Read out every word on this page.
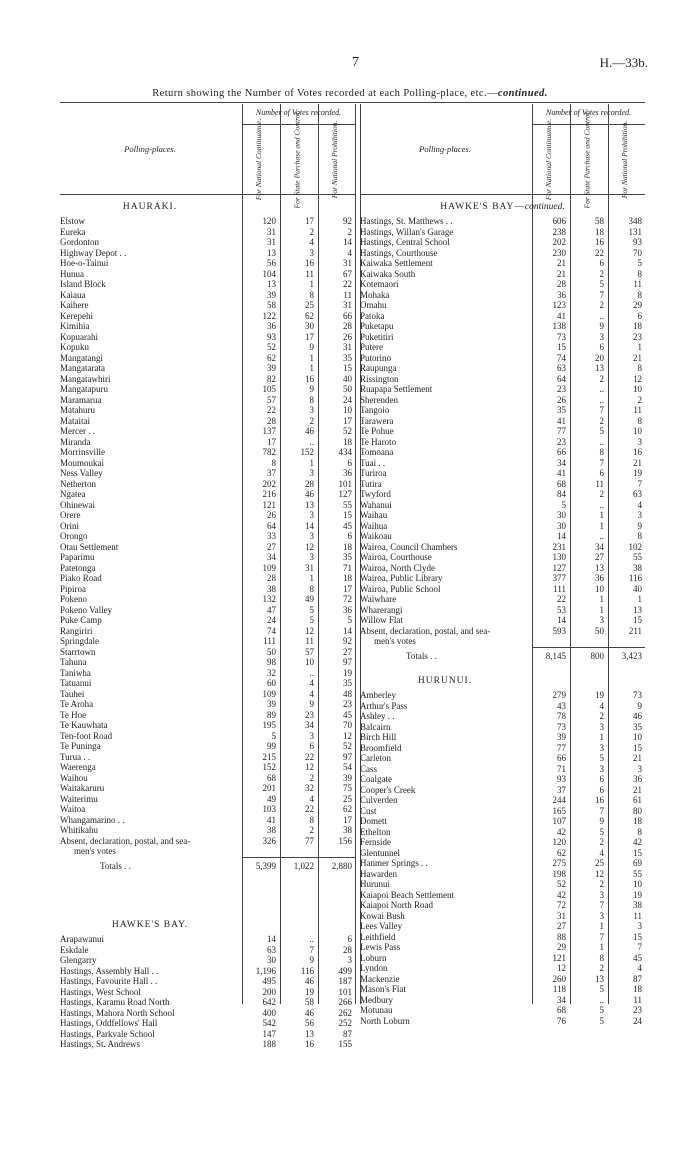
7	H.—33b.
Return showing the Number of Votes recorded at each Polling-place, etc.—continued.
Polling-places.
Number of Votes recorded.
For National Continuance.	For State Purchase and Control.	For National Prohibition.
HAURAKI.
Elstow	120	17	92
Eureka	31	2	2
Gordonton	31	4	14
Highway Depot . .	13	3	4
Hoe-o-Tainui	56	16	31
Hunua	104	11	67
Island Block	13	1	22
Kaiaua	39	8	11
Kaihere	58	25	31
Kerepehi	122	62	66
Kimihia	36	30	28
Kopuarahi	93	17	26
Kopuku	52	9	31
Mangatangi	62	1	35
Mangatarata	39	1	15
Mangatawhiri	82	16	40
Mangatapuru	105	9	50
Maramarua	57	8	24
Matahuru	22	3	10
Mataitai	28	2	17
Mercer . .	137	46	52
Miranda	17	..	18
Morrinsville	782	152	434
Moumoukai	8	1	6
Ness Valley	37	3	36
Netherton	202	28	101
Ngatea	216	46	127
Ohinewai	121	13	55
Orere	26	3	15
Orini	64	14	45
Orongo	33	3	6
Otau Settlement	27	12	18
Paparimu	34	3	35
Patetonga	109	31	71
Piako Road	28	1	18
Pipiroa	38	8	17
Pokeno	132	49	72
Pokeno Valley	47	5	36
Puke Camp	24	5	5
Rangiriri	74	12	14
Springdale	111	11	92
Starrtown	50	57	27
Tahuna	98	10	97
Taniwha	32	..	19
Tatuanui	60	4	35
Tauhei	109	4	48
Te Aroha	39	9	23
Te Hoe	89	23	45
Te Kauwhata	195	34	70
Ten-foot Road	5	3	12
Te Puninga	99	6	52
Turua . .	215	22	97
Waerenga	152	12	54
Waihou	68	2	39
Waitakaruru	201	32	75
Waiterimu	49	4	25
Waitoa	103	22	62
Whangamarino . .	41	8	17
Whitikahu	38	2	38
Absent, declaration, postal, and sea-	326	77	156
men's votes
Totals . .	5,399	1,022	2,880
HAWKE'S BAY.
Arapawanui	14	..	6
Eskdale	63	7	28
Glengarry	30	9	3
Hastings, Assembly Hall . .	1,196	116	499
Hastings, Favourite Hall . .	495	46	187
Hastings, West School	200	19	101
Hastings, Karamu Road North	642	58	266
Hastings, Mahora North School	400	46	262
Hastings, Oddfellows' Hall	542	56	252
Hastings, Parkvale School	147	13	87
Hastings, St. Andrews	188	16	155
Polling-places.
Number of Votes recorded.
For National Continuance.	For State Purchase and Control.	For National Prohibition.
HAWKE'S BAY—continued.
Hastings, St. Matthews . .	606	58	348
Hastings, Willan's Garage	238	18	131
Hastings, Central School	202	16	93
Hastings, Courthouse	230	22	70
Kaiwaka Settlement	21	6	5
Kaiwaka South	21	2	8
Kotemaori	28	5	11
Mohaka	36	7	8
Omahu	123	2	29
Patoka	41	..	6
Puketapu	138	9	18
Puketitiri	73	3	23
Putere	15	6	1
Putorino	74	20	21
Raupunga	63	13	8
Rissington	64	2	12
Ruapapa Settlement	23	..	10
Sherenden	26	..	2
Tangoio	35	7	11
Tarawera	41	2	8
Te Pohue	77	5	10
Te Haroto	23	..	3
Tomoana	66	8	16
Tuai . .	34	7	21
Turiroa	41	6	19
Tutira	68	11	7
Twyford	84	2	63
Wahanui	5	..	4
Waihau	30	1	3
Waihua	30	1	9
Waikoau	14	..	8
Wairoa, Council Chambers	231	34	102
Wairoa, Courthouse	130	27	55
Wairoa, North Clyde	127	13	38
Wairoa, Public Library	377	36	116
Wairoa, Public School	111	10	40
Waiwhare	22	1	1
Wharerangi	53	1	13
Willow Flat	14	3	15
Absent, declaration, postal, and sea-	593	50	211
men's votes
Totals . .	8,145	800	3,423
HURUNUI.
Amberley	279	19	73
Arthur's Pass	43	4	9
Ashley . .	78	2	46
Balcairn	73	3	35
Birch Hill	39	1	10
Broomfield	77	3	15
Carleton	66	5	21
Cass	71	3	3
Coalgate	93	6	36
Cooper's Creek	37	6	21
Culverden	244	16	61
Cust	165	7	80
Domett	107	9	18
Ethelton	42	5	8
Fernside	120	2	42
Glentunnel	62	4	15
Hanmer Springs . .	275	25	69
Hawarden	198	12	55
Hurunui	52	2	10
Kaiapoi Beach Settlement	42	3	19
Kaiapoi North Road	72	7	38
Kowai Bush	31	3	11
Lees Valley	27	1	3
Leithfield	88	7	15
Lewis Pass	29	1	7
Loburn	121	8	45
Lyndon	12	2	4
Mackenzie	260	13	87
Mason's Flat	118	5	18
Medbury	34	..	11
Motunau	68	5	23
North Loburn	76	5	24
